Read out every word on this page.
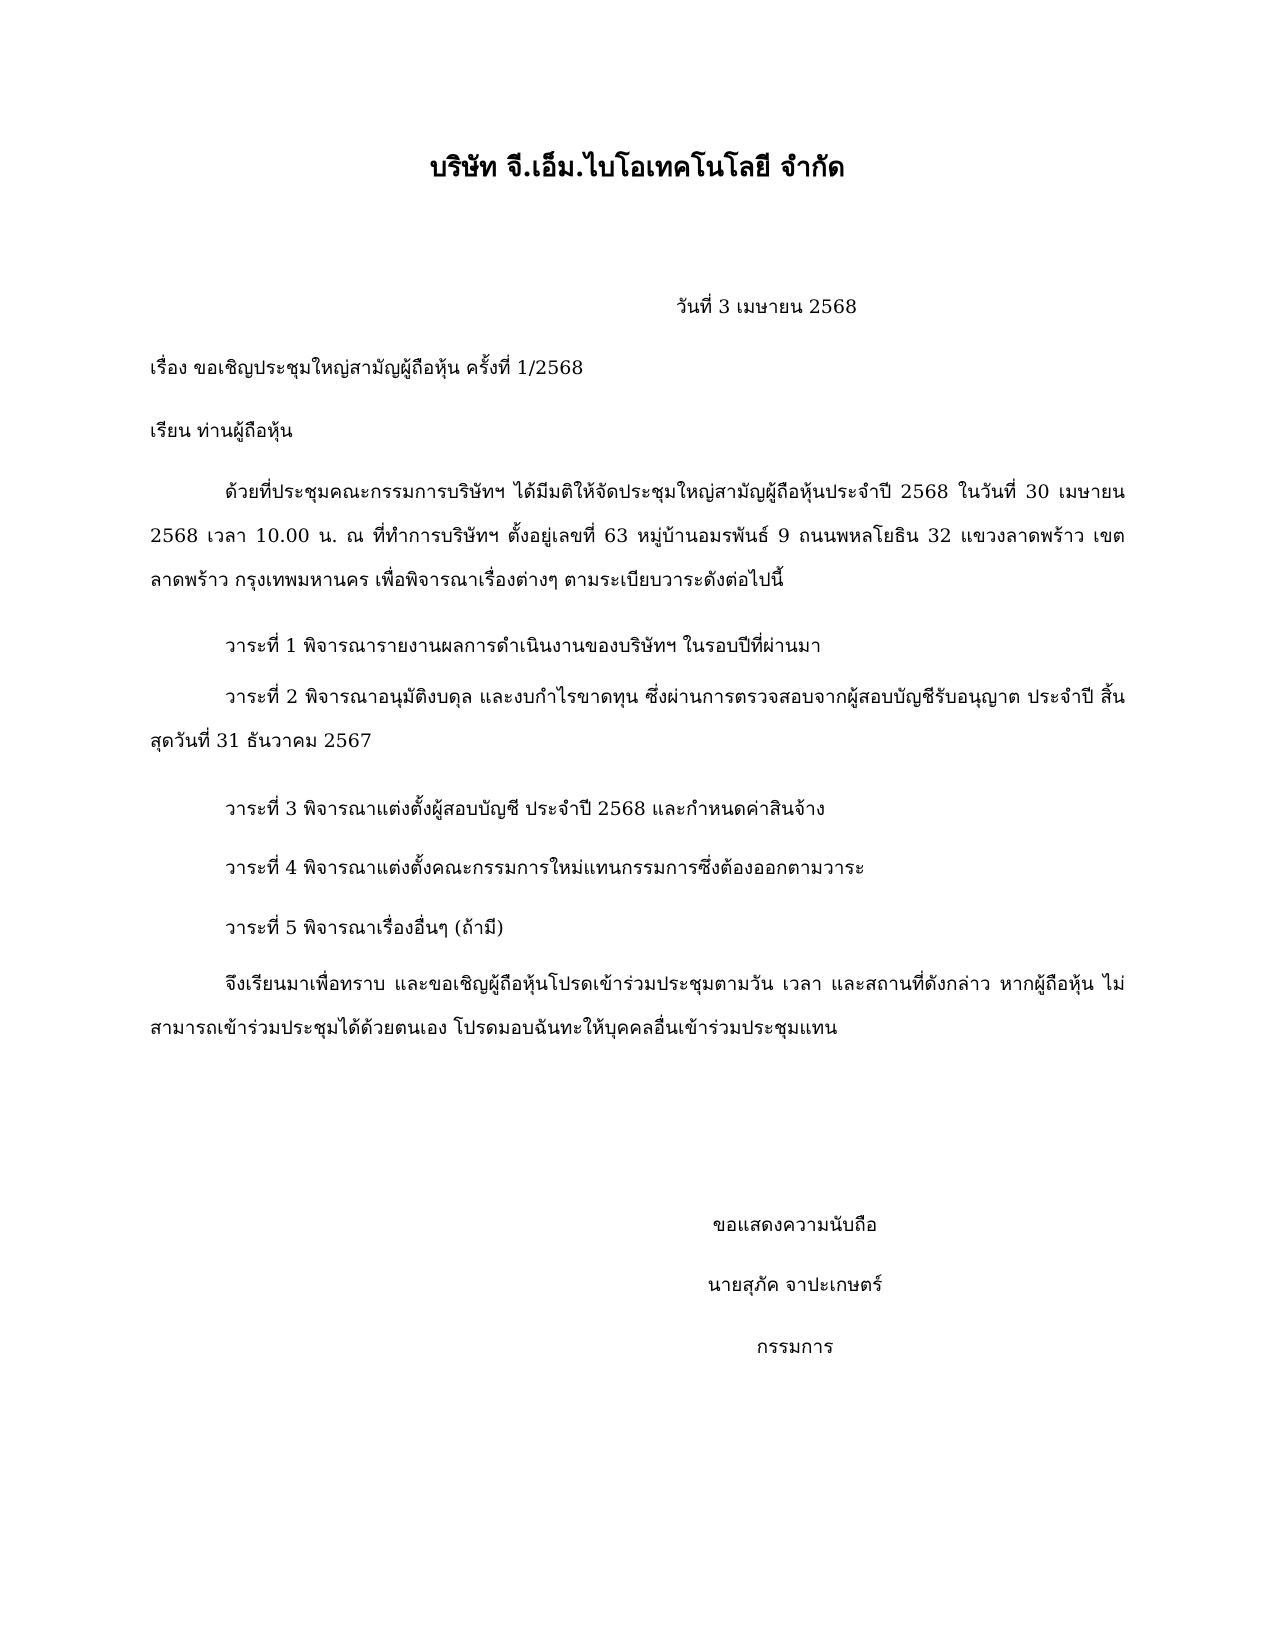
บริษัท จี.เอ็ม.ไบโอเทคโนโลยี จำกัด
วันที่ 3 เมษายน 2568
เรื่อง ขอเชิญประชุมใหญ่สามัญผู้ถือหุ้น ครั้งที่ 1/2568
เรียน ท่านผู้ถือหุ้น
ด้วยที่ประชุมคณะกรรมการบริษัทฯ ได้มีมติให้จัดประชุมใหญ่สามัญผู้ถือหุ้นประจำปี 2568 ในวันที่ 30 เมษายน 2568 เวลา 10.00 น. ณ ที่ทำการบริษัทฯ ตั้งอยู่เลขที่ 63 หมู่บ้านอมรพันธ์ 9 ถนนพหลโยธิน 32 แขวงลาดพร้าว เขตลาดพร้าว กรุงเทพมหานคร เพื่อพิจารณาเรื่องต่างๆ ตามระเบียบวาระดังต่อไปนี้
วาระที่ 1 พิจารณารายงานผลการดำเนินงานของบริษัทฯ ในรอบปีที่ผ่านมา
วาระที่ 2 พิจารณาอนุมัติงบดุล และงบกำไรขาดทุน ซึ่งผ่านการตรวจสอบจากผู้สอบบัญชีรับอนุญาต ประจำปี สิ้นสุดวันที่ 31 ธันวาคม 2567
วาระที่ 3 พิจารณาแต่งตั้งผู้สอบบัญชี ประจำปี 2568 และกำหนดค่าสินจ้าง
วาระที่ 4 พิจารณาแต่งตั้งคณะกรรมการใหม่แทนกรรมการซึ่งต้องออกตามวาระ
วาระที่ 5 พิจารณาเรื่องอื่นๆ (ถ้ามี)
จึงเรียนมาเพื่อทราบ และขอเชิญผู้ถือหุ้นโปรดเข้าร่วมประชุมตามวัน เวลา และสถานที่ดังกล่าว หากผู้ถือหุ้น ไม่สามารถเข้าร่วมประชุมได้ด้วยตนเอง โปรดมอบฉันทะให้บุคคลอื่นเข้าร่วมประชุมแทน
ขอแสดงความนับถือ
นายสุภัค จาปะเกษตร์
กรรมการ
